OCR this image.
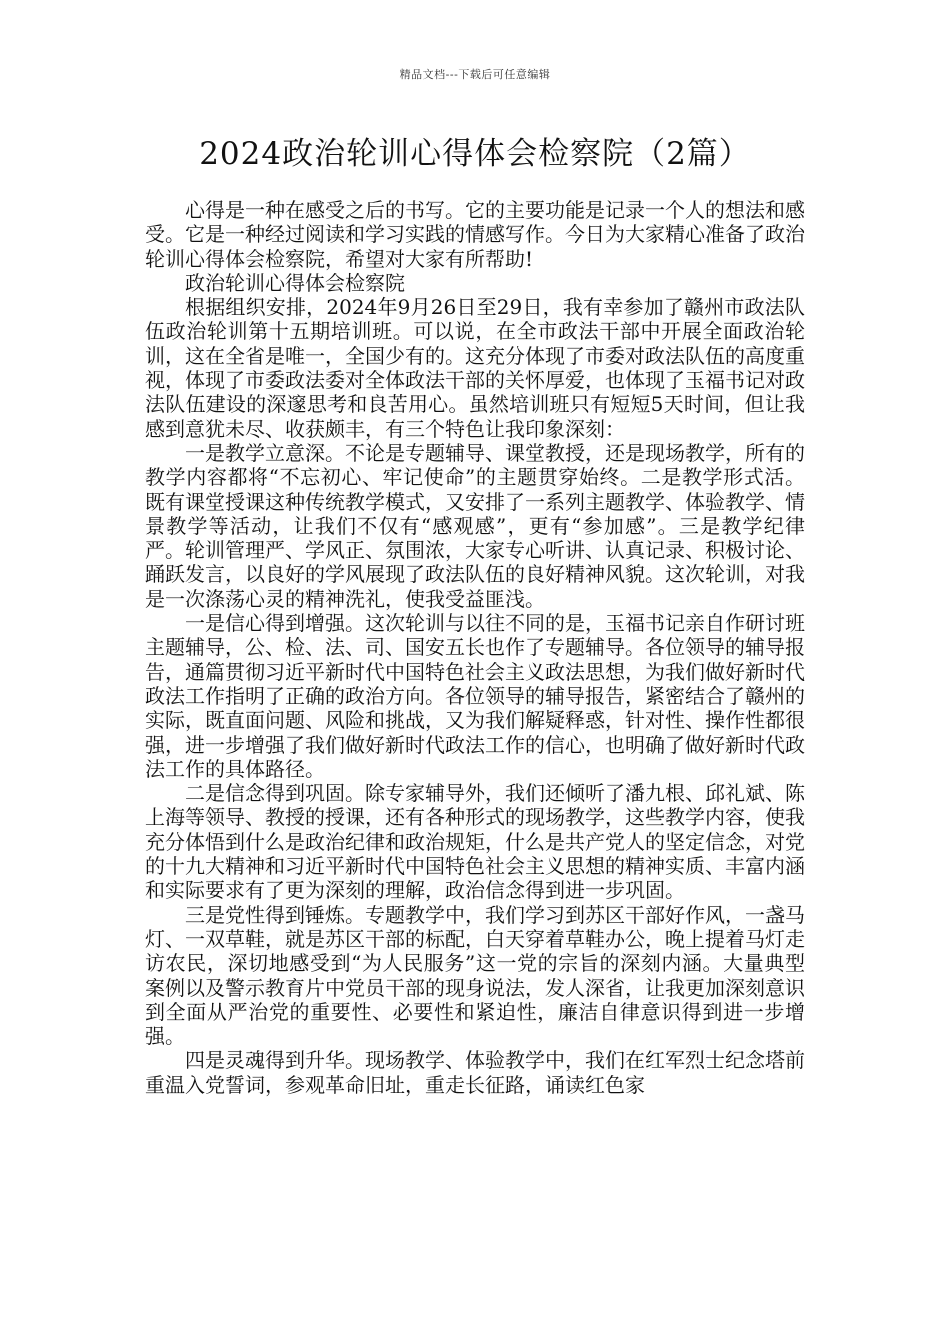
精品文档---下载后可任意编辑
2024政治轮训心得体会检察院（2篇）

心得是一种在感受之后的书写。它的主要功能是记录一个人的想法和感受。它是一种经过阅读和学习实践的情感写作。今日为大家精心准备了政治轮训心得体会检察院，希望对大家有所帮助!

政治轮训心得体会检察院

根据组织安排，2024年9月26日至29日，我有幸参加了赣州市政法队伍政治轮训第十五期培训班。可以说，在全市政法干部中开展全面政治轮训，这在全省是唯一，全国少有的。这充分体现了市委对政法队伍的高度重视，体现了市委政法委对全体政法干部的关怀厚爱，也体现了玉福书记对政法队伍建设的深邃思考和良苦用心。虽然培训班只有短短5天时间，但让我感到意犹未尽、收获颇丰，有三个特色让我印象深刻：

一是教学立意深。不论是专题辅导、课堂教授，还是现场教学，所有的教学内容都将“不忘初心、牢记使命”的主题贯穿始终。二是教学形式活。既有课堂授课这种传统教学模式，又安排了一系列主题教学、体验教学、情景教学等活动，让我们不仅有“感观感”，更有“参加感”。三是教学纪律严。轮训管理严、学风正、氛围浓，大家专心听讲、认真记录、积极讨论、踊跃发言，以良好的学风展现了政法队伍的良好精神风貌。这次轮训，对我是一次涤荡心灵的精神洗礼，使我受益匪浅。

一是信心得到增强。这次轮训与以往不同的是，玉福书记亲自作研讨班主题辅导，公、检、法、司、国安五长也作了专题辅导。各位领导的辅导报告，通篇贯彻习近平新时代中国特色社会主义政法思想，为我们做好新时代政法工作指明了正确的政治方向。各位领导的辅导报告，紧密结合了赣州的实际，既直面问题、风险和挑战，又为我们解疑释惑，针对性、操作性都很强，进一步增强了我们做好新时代政法工作的信心，也明确了做好新时代政法工作的具体路径。

二是信念得到巩固。除专家辅导外，我们还倾听了潘九根、邱礼斌、陈上海等领导、教授的授课，还有各种形式的现场教学，这些教学内容，使我充分体悟到什么是政治纪律和政治规矩，什么是共产党人的坚定信念，对党的十九大精神和习近平新时代中国特色社会主义思想的精神实质、丰富内涵和实际要求有了更为深刻的理解，政治信念得到进一步巩固。

三是党性得到锤炼。专题教学中，我们学习到苏区干部好作风，一盏马灯、一双草鞋，就是苏区干部的标配，白天穿着草鞋办公，晚上提着马灯走访农民，深切地感受到“为人民服务”这一党的宗旨的深刻内涵。大量典型案例以及警示教育片中党员干部的现身说法，发人深省，让我更加深刻意识到全面从严治党的重要性、必要性和紧迫性，廉洁自律意识得到进一步增强。

四是灵魂得到升华。现场教学、体验教学中，我们在红军烈士纪念塔前重温入党誓词，参观革命旧址，重走长征路，诵读红色家
